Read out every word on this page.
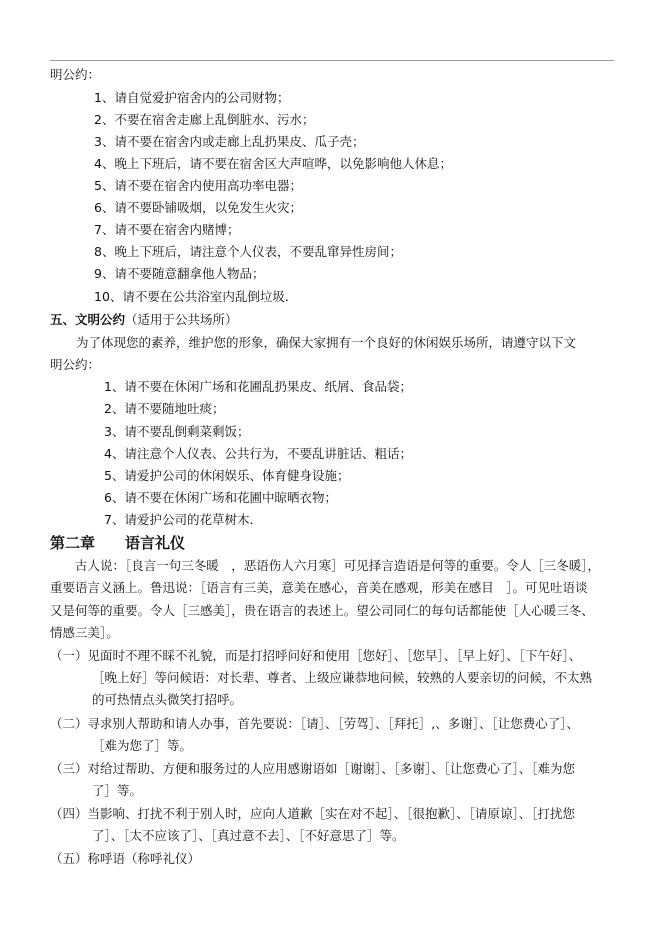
明公约：
1、请自觉爱护宿舍内的公司财物；
2、不要在宿舍走廊上乱倒脏水、污水；
3、请不要在宿舍内或走廊上乱扔果皮、瓜子壳；
4、晚上下班后，请不要在宿舍区大声喧哗，以免影响他人休息；
5、请不要在宿舍内使用高功率电器；
6、请不要卧铺吸烟，以免发生火灾；
7、请不要在宿舍内赌博；
8、晚上下班后，请注意个人仪表，不要乱窜异性房间；
9、请不要随意翻拿他人物品；
10、请不要在公共浴室内乱倒垃圾．
五、文明公约（适用于公共场所）
为了体现您的素养，维护您的形象，确保大家拥有一个良好的休闲娱乐场所，请遵守以下文
明公约：
1、请不要在休闲广场和花圃乱扔果皮、纸屑、食品袋；
2、请不要随地吐痰；
3、请不要乱倒剩菜剩饭；
4、请注意个人仪表、公共行为，不要乱讲脏话、粗话；
5、请爱护公司的休闲娱乐、体育健身设施；
6、请不要在休闲广场和花圃中晾晒衣物；
7、请爱护公司的花草树木．
第二章　　语言礼仪
古人说：［良言一句三冬暖　，恶语伤人六月寒］可见择言造语是何等的重要。令人［三冬暖］，
重要语言义涵上。鲁迅说：［语言有三美，意美在感心，音美在感观，形美在感目　］。可见吐语谈
又是何等的重要。令人［三感美］，贵在语言的表述上。望公司同仁的每句话都能使［人心暖三冬、
情感三美］。
（一）见面时不理不睬不礼貌，而是打招呼问好和使用［您好］、［您早］、［早上好］、［下午好］、
［晚上好］等问候语：对长辈、尊者、上级应谦恭地问候，较熟的人要亲切的问候，不太熟
的可热情点头微笑打招呼。
（二）寻求别人帮助和请人办事，首先要说：［请］、［劳驾］、［拜托］,、多谢］、［让您费心了］、
［难为您了］等。
（三）对给过帮助、方便和服务过的人应用感谢语如［谢谢］、［多谢］、［让您费心了］、［难为您
了］等。
（四）当影响、打扰不利于别人时，应向人道歉［实在对不起］、［很抱歉］、［请原谅］、［打扰您
了］、［太不应该了］、［真过意不去］、［不好意思了］等。
（五）称呼语（称呼礼仪）
